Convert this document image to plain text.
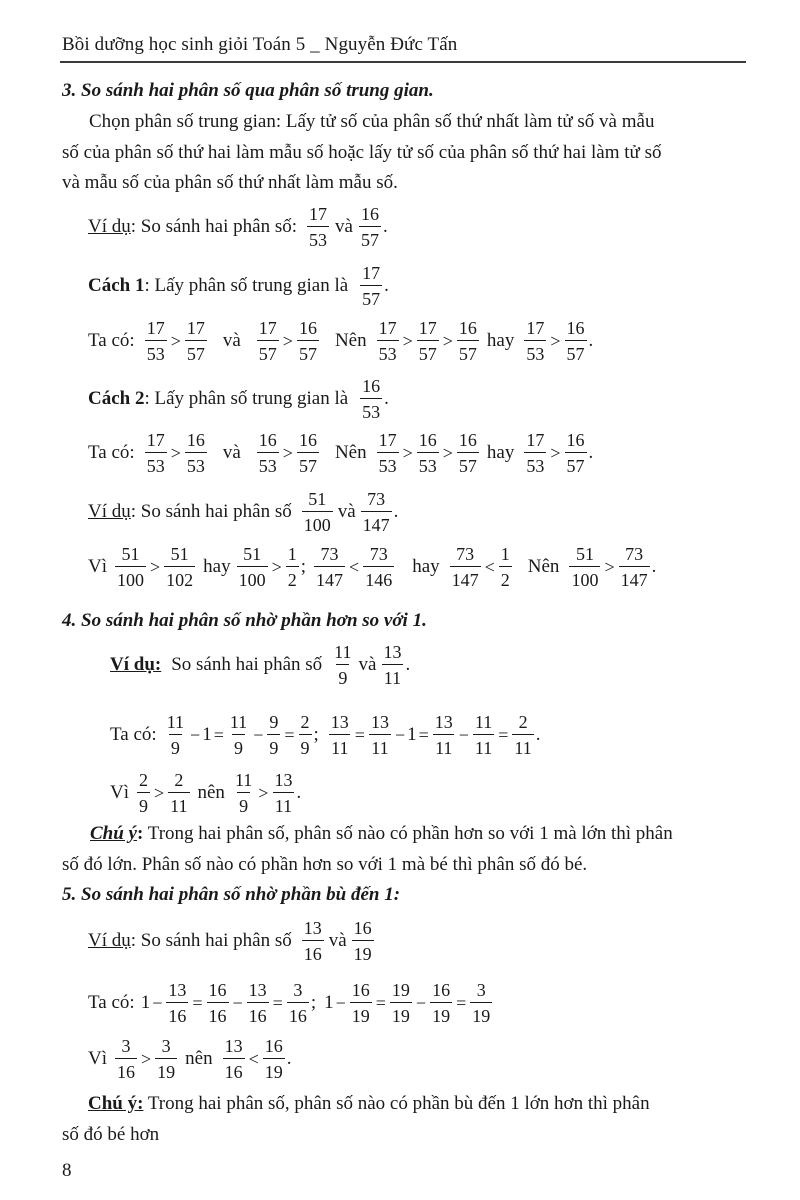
Bồi dưỡng học sinh giỏi Toán 5 _ Nguyễn Đức Tấn
3. So sánh hai phân số qua phân số trung gian.
Chọn phân số trung gian: Lấy tử số của phân số thứ nhất làm tử số và mẫu
số của phân số thứ hai làm mẫu số hoặc lấy tử số của phân số thứ hai làm tử số
và mẫu số của phân số thứ nhất làm mẫu số.
Ví dụ : So sánh hai phân số: $\frac{17}{53}$ và $\frac{16}{57}$ .
Cách 1 : Lấy phân số trung gian là $\frac{17}{57}$ .
Ta có: $\frac{17}{53} > \frac{17}{57}$ và $\frac{17}{57} > \frac{16}{57}$ Nên $\frac{17}{53} > \frac{17}{57} > \frac{16}{57}$ hay $\frac{17}{53} > \frac{16}{57}$ .
Cách 2 : Lấy phân số trung gian là $\frac{16}{53}$ .
Ta có: $\frac{17}{53} > \frac{16}{53}$ và $\frac{16}{53} > \frac{16}{57}$ Nên $\frac{17}{53} > \frac{16}{53} > \frac{16}{57}$ hay $\frac{17}{53} > \frac{16}{57}$ .
Ví dụ : So sánh hai phân số $\frac{51}{100}$ và $\frac{73}{147}$ .
Vì $\frac{51}{100} > \frac{51}{102}$ hay $\frac{51}{100} > \frac{1}{2}$ ; $\frac{73}{147} < \frac{73}{146}$ hay $\frac{73}{147} < \frac{1}{2}$ Nên $\frac{51}{100} > \frac{73}{147}$ .
4. So sánh hai phân số nhờ phần hơn so với 1.
Ví dụ: So sánh hai phân số $\frac{11}{9}$ và $\frac{13}{11}$ .
Ta có: $\frac{11}{9} - 1 = \frac{11}{9} - \frac{9}{9} = \frac{2}{9}$ ; $\frac{13}{11} = \frac{13}{11} - 1 = \frac{13}{11} - \frac{11}{11} = \frac{2}{11}$ .
Vì $\frac{2}{9} > \frac{2}{11}$ nên $\frac{11}{9} > \frac{13}{11}$ .
Chú ý: Trong hai phân số, phân số nào có phần hơn so với 1 mà lớn thì phân
số đó lớn. Phân số nào có phần hơn so với 1 mà bé thì phân số đó bé.
5. So sánh hai phân số nhờ phần bù đến 1:
Ví dụ : So sánh hai phân số $\frac{13}{16}$ và $\frac{16}{19}$
Ta có: $1 - \frac{13}{16} = \frac{16}{16} - \frac{13}{16} = \frac{3}{16}$ ; $1 - \frac{16}{19} = \frac{19}{19} - \frac{16}{19} = \frac{3}{19}$
Vì $\frac{3}{16} > \frac{3}{19}$ nên $\frac{13}{16} < \frac{16}{19}$ .
Chú ý: Trong hai phân số, phân số nào có phần bù đến 1 lớn hơn thì phân
số đó bé hơn
8
